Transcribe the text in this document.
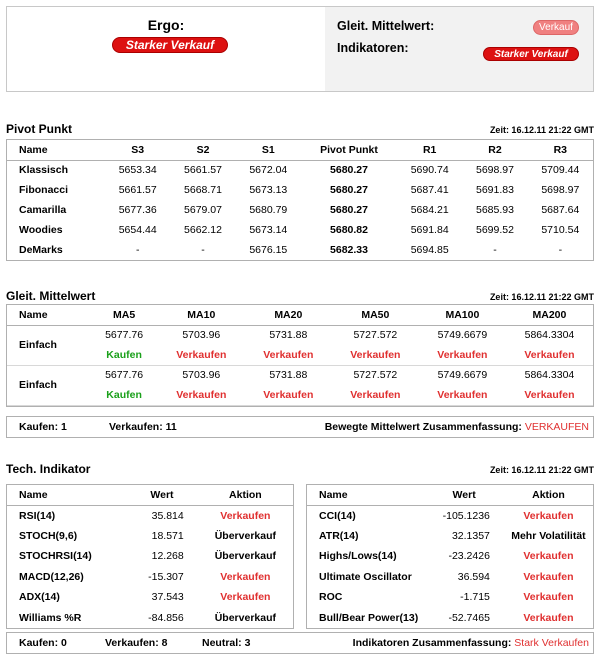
Ergo:
Starker Verkauf
Gleit. Mittelwert:	Verkauf
Indikatoren:	Starker Verkauf
Pivot Punkt	Zeit: 16.12.11 21:22 GMT
Name	S3	S2	S1	Pivot Punkt	R1	R2	R3
Klassisch	5653.34	5661.57	5672.04	5680.27	5690.74	5698.97	5709.44
Fibonacci	5661.57	5668.71	5673.13	5680.27	5687.41	5691.83	5698.97
Camarilla	5677.36	5679.07	5680.79	5680.27	5684.21	5685.93	5687.64
Woodies	5654.44	5662.12	5673.14	5680.82	5691.84	5699.52	5710.54
DeMarks	-	-	5676.15	5682.33	5694.85	-	-
Gleit. Mittelwert	Zeit: 16.12.11 21:22 GMT
Name	MA5	MA10	MA20	MA50	MA100	MA200
Einfach	5677.76	5703.96	5731.88	5727.572	5749.6679	5864.3304
	Kaufen	Verkaufen	Verkaufen	Verkaufen	Verkaufen	Verkaufen
Einfach	5677.76	5703.96	5731.88	5727.572	5749.6679	5864.3304
	Kaufen	Verkaufen	Verkaufen	Verkaufen	Verkaufen	Verkaufen
Kaufen: 1	Verkaufen: 11	Bewegte Mittelwert Zusammenfassung: VERKAUFEN
Tech. Indikator	Zeit: 16.12.11 21:22 GMT
Name	Wert	Aktion
RSI(14)	35.814	Verkaufen
STOCH(9,6)	18.571	Überverkauf
STOCHRSI(14)	12.268	Überverkauf
MACD(12,26)	-15.307	Verkaufen
ADX(14)	37.543	Verkaufen
Williams %R	-84.856	Überverkauf
Name	Wert	Aktion
CCI(14)	-105.1236	Verkaufen
ATR(14)	32.1357	Mehr Volatilität
Highs/Lows(14)	-23.2426	Verkaufen
Ultimate Oscillator	36.594	Verkaufen
ROC	-1.715	Verkaufen
Bull/Bear Power(13)	-52.7465	Verkaufen
Kaufen: 0	Verkaufen: 8	Neutral: 3	Indikatoren Zusammenfassung: Stark Verkaufen
